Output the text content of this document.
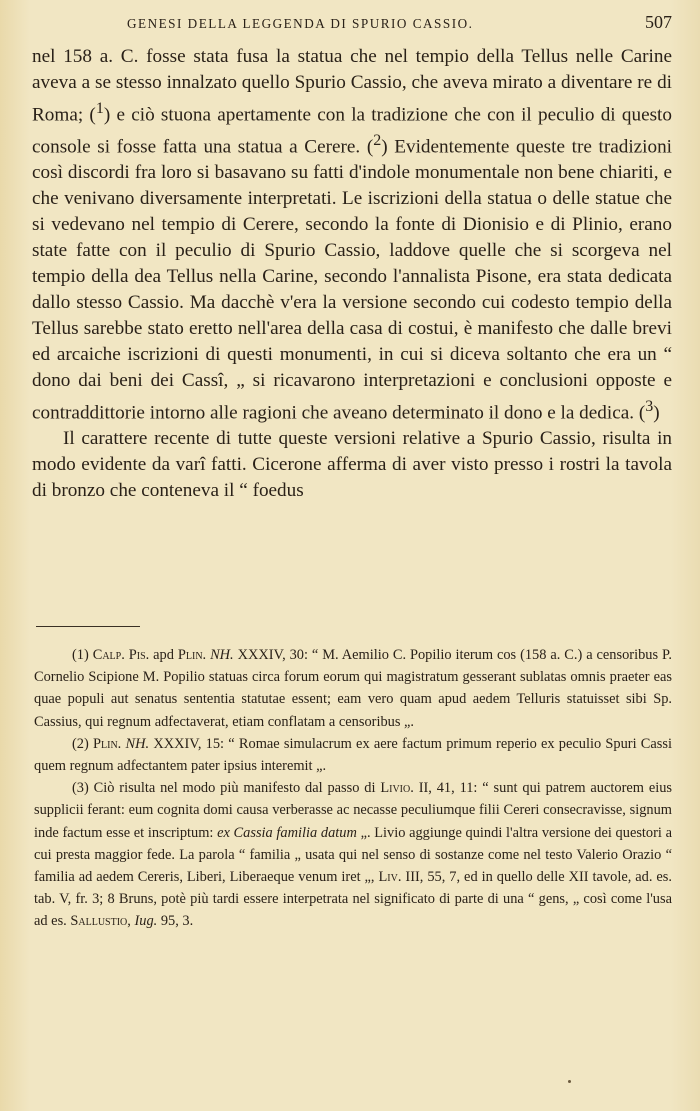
GENESI DELLA LEGGENDA DI SPURIO CASSIO.	507

nel 158 a. C. fosse stata fusa la statua che nel tempio della Tellus nelle Carine aveva a se stesso innalzato quello Spurio Cassio, che aveva mirato a diventare re di Roma; ($^1$) e ciò stuona apertamente con la tradizione che con il peculio di questo console si fosse fatta una statua a Cerere. ($^2$) Evidentemente queste tre tradizioni così discordi fra loro si basavano su fatti d'indole monumentale non bene chiariti, e che venivano diversamente interpretati. Le iscrizioni della statua o delle statue che si vedevano nel tempio di Cerere, secondo la fonte di Dionisio e di Plinio, erano state fatte con il peculio di Spurio Cassio, laddove quelle che si scorgeva nel tempio della dea Tellus nella Carine, secondo l'annalista Pisone, era stata dedicata dallo stesso Cassio. Ma dacchè v'era la versione secondo cui codesto tempio della Tellus sarebbe stato eretto nell'area della casa di costui, è manifesto che dalle brevi ed arcaiche iscrizioni di questi monumenti, in cui si diceva soltanto che era un “ dono dai beni dei Cassî, „ si ricavarono interpretazioni e conclusioni opposte e contraddittorie intorno alle ragioni che aveano determinato il dono e la dedica. ($^3$)

Il carattere recente di tutte queste versioni relative a Spurio Cassio, risulta in modo evidente da varî fatti. Cicerone afferma di aver visto presso i rostri la tavola di bronzo che conteneva il “ foedus

(1) Calp. Pis. apd Plin. NH. XXXIV, 30: “ M. Aemilio C. Popilio iterum cos (158 a. C.) a censoribus P. Cornelio Scipione M. Popilio statuas circa forum eorum qui magistratum gesserant sublatas omnis praeter eas quae populi aut senatus sententia statutae essent; eam vero quam apud aedem Telluris statuisset sibi Sp. Cassius, qui regnum adfectaverat, etiam conflatam a censoribus „.

(2) Plin. NH. XXXIV, 15: “ Romae simulacrum ex aere factum primum reperio ex peculio Spuri Cassi quem regnum adfectantem pater ipsius interemit „.

(3) Ciò risulta nel modo più manifesto dal passo di Livio. II, 41, 11: “ sunt qui patrem auctorem eius supplicii ferant: eum cognita domi causa verberasse ac necasse peculiumque filii Cereri consecravisse, signum inde factum esse et inscriptum: ex Cassia familia datum „. Livio aggiunge quindi l'altra versione dei questori a cui presta maggior fede. La parola “ familia „ usata qui nel senso di sostanze come nel testo Valerio Orazio “ familia ad aedem Cereris, Liberi, Liberaeque venum iret „, Liv. III, 55, 7, ed in quello delle XII tavole, ad. es. tab. V, fr. 3; 8 Bruns, potè più tardi essere interpetrata nel significato di parte di una “ gens, „ così come l'usa ad es. Sallustio, Iug. 95, 3.
